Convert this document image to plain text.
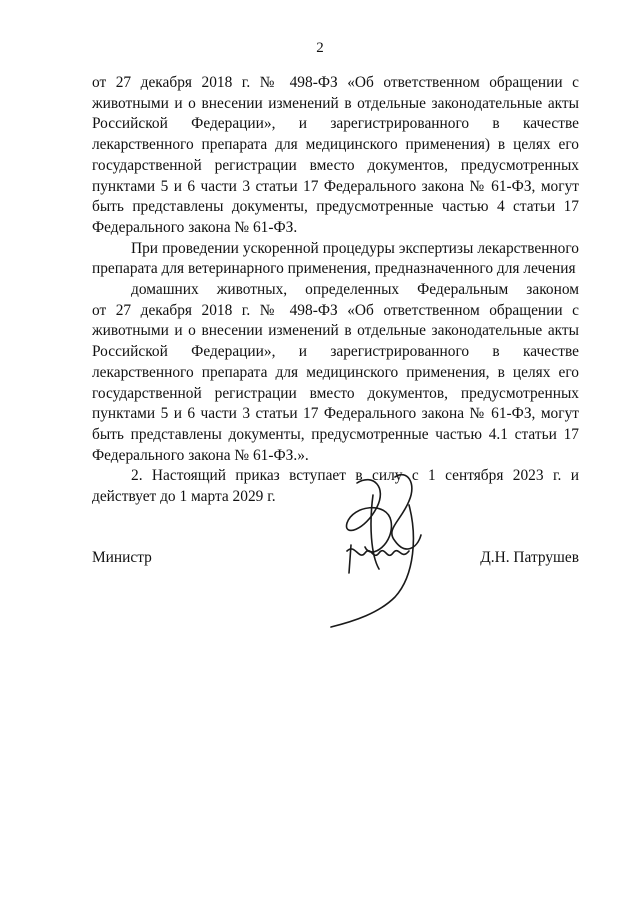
2

от 27 декабря 2018 г. № 498-ФЗ «Об ответственном обращении с животными и о внесении изменений в отдельные законодательные акты Российской Федерации», и зарегистрированного в качестве лекарственного препарата для медицинского применения) в целях его государственной регистрации вместо документов, предусмотренных пунктами 5 и 6 части 3 статьи 17 Федерального закона № 61-ФЗ, могут быть представлены документы, предусмотренные частью 4 статьи 17 Федерального закона № 61-ФЗ.

При проведении ускоренной процедуры экспертизы лекарственного препарата для ветеринарного применения, предназначенного для лечения
домашних животных, определенных Федеральным законом
от 27 декабря 2018 г. № 498-ФЗ «Об ответственном обращении с животными и о внесении изменений в отдельные законодательные акты Российской Федерации», и зарегистрированного в качестве лекарственного препарата для медицинского применения, в целях его государственной регистрации вместо документов, предусмотренных пунктами 5 и 6 части 3 статьи 17 Федерального закона № 61-ФЗ, могут быть представлены документы, предусмотренные частью 4.1 статьи 17 Федерального закона № 61-ФЗ.».

2. Настоящий приказ вступает в силу с 1 сентября 2023 г. и действует до 1 марта 2029 г.

Министр	Д.Н. Патрушев
